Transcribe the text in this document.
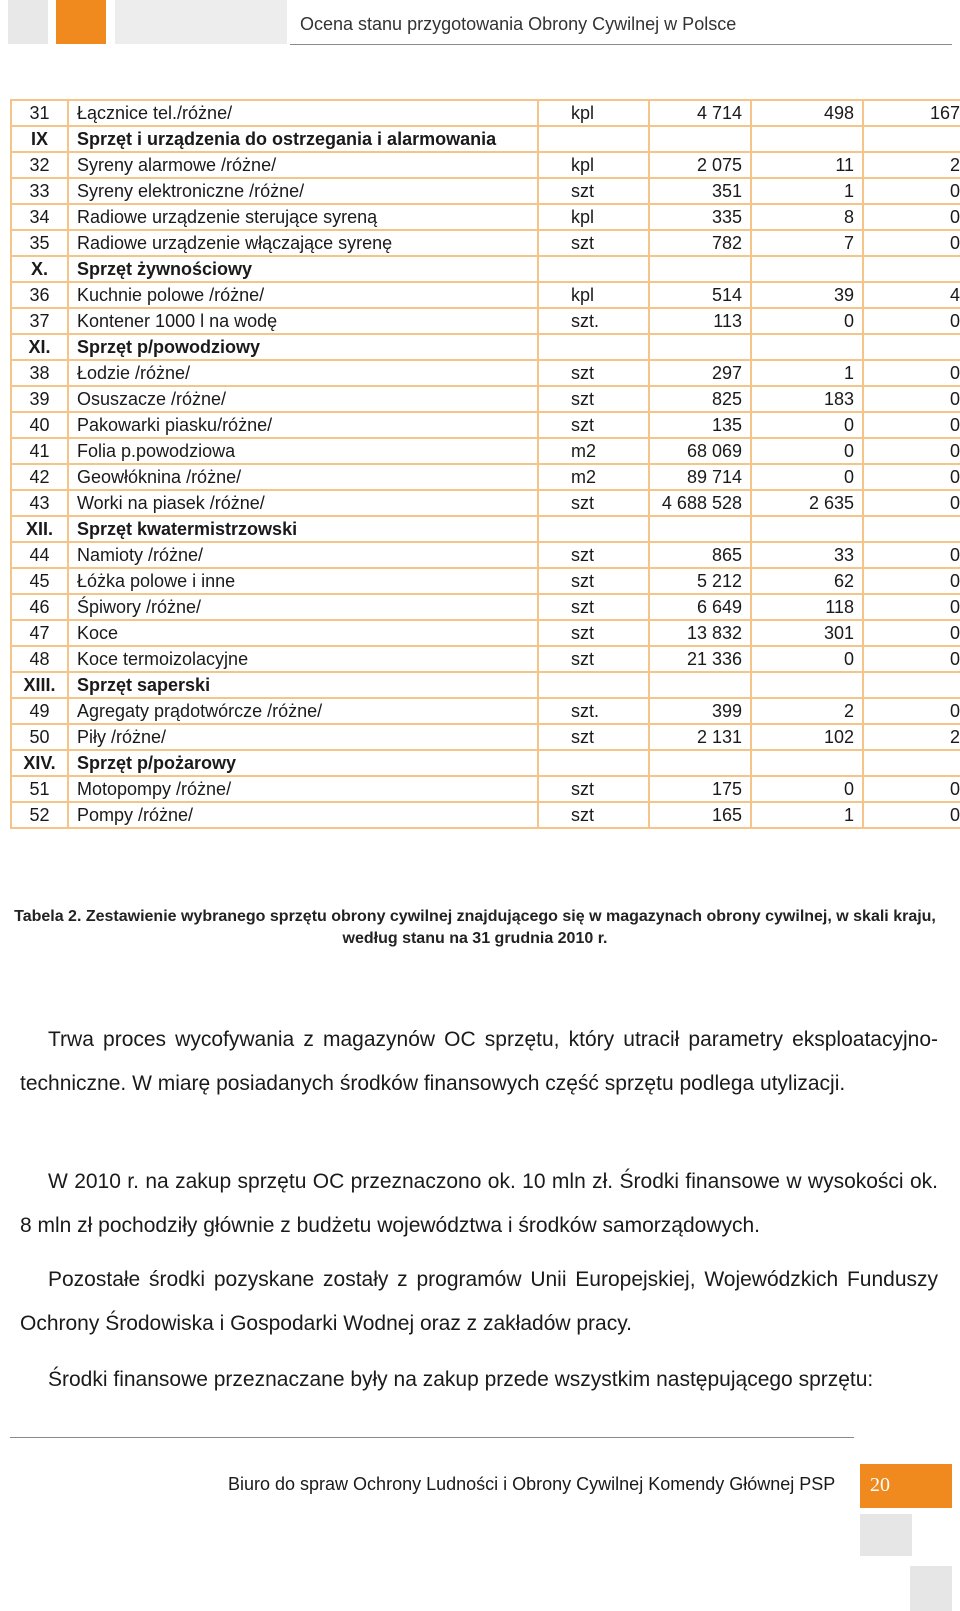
Ocena stanu przygotowania Obrony Cywilnej w Polsce
31	Łącznice tel./różne/	kpl	4 714	498	167
IX	Sprzęt i urządzenia do ostrzegania i alarmowania				
32	Syreny alarmowe /różne/	kpl	2 075	11	2
33	Syreny elektroniczne /różne/	szt	351	1	0
34	Radiowe urządzenie sterujące syreną	kpl	335	8	0
35	Radiowe urządzenie włączające syrenę	szt	782	7	0
X.	Sprzęt żywnościowy				
36	Kuchnie polowe /różne/	kpl	514	39	4
37	Kontener 1000 l na wodę	szt.	113	0	0
XI.	Sprzęt p/powodziowy				
38	Łodzie /różne/	szt	297	1	0
39	Osuszacze /różne/	szt	825	183	0
40	Pakowarki piasku/różne/	szt	135	0	0
41	Folia p.powodziowa	m2	68 069	0	0
42	Geowłóknina /różne/	m2	89 714	0	0
43	Worki na piasek /różne/	szt	4 688 528	2 635	0
XII.	Sprzęt kwatermistrzowski				
44	Namioty /różne/	szt	865	33	0
45	Łóżka polowe i inne	szt	5 212	62	0
46	Śpiwory /różne/	szt	6 649	118	0
47	Koce	szt	13 832	301	0
48	Koce termoizolacyjne	szt	21 336	0	0
XIII.	Sprzęt saperski				
49	Agregaty prądotwórcze /różne/	szt.	399	2	0
50	Piły /różne/	szt	2 131	102	2
XIV.	Sprzęt p/pożarowy				
51	Motopompy /różne/	szt	175	0	0
52	Pompy /różne/	szt	165	1	0
Tabela 2. Zestawienie wybranego sprzętu obrony cywilnej znajdującego się w magazynach obrony cywilnej, w skali kraju,
według stanu na 31 grudnia 2010 r.
Trwa proces wycofywania z magazynów OC sprzętu, który utracił parametry eksploatacyjno-techniczne. W miarę posiadanych środków finansowych część sprzętu podlega utylizacji.
W 2010 r. na zakup sprzętu OC przeznaczono ok. 10 mln zł. Środki finansowe w wysokości ok. 8 mln zł pochodziły głównie z budżetu województwa i środków samorządowych.
Pozostałe środki pozyskane zostały z programów Unii Europejskiej, Wojewódzkich Funduszy Ochrony Środowiska i Gospodarki Wodnej oraz z zakładów pracy.
Środki finansowe przeznaczane były na zakup przede wszystkim następującego sprzętu:
Biuro do spraw Ochrony Ludności i Obrony Cywilnej Komendy Głównej PSP 20
